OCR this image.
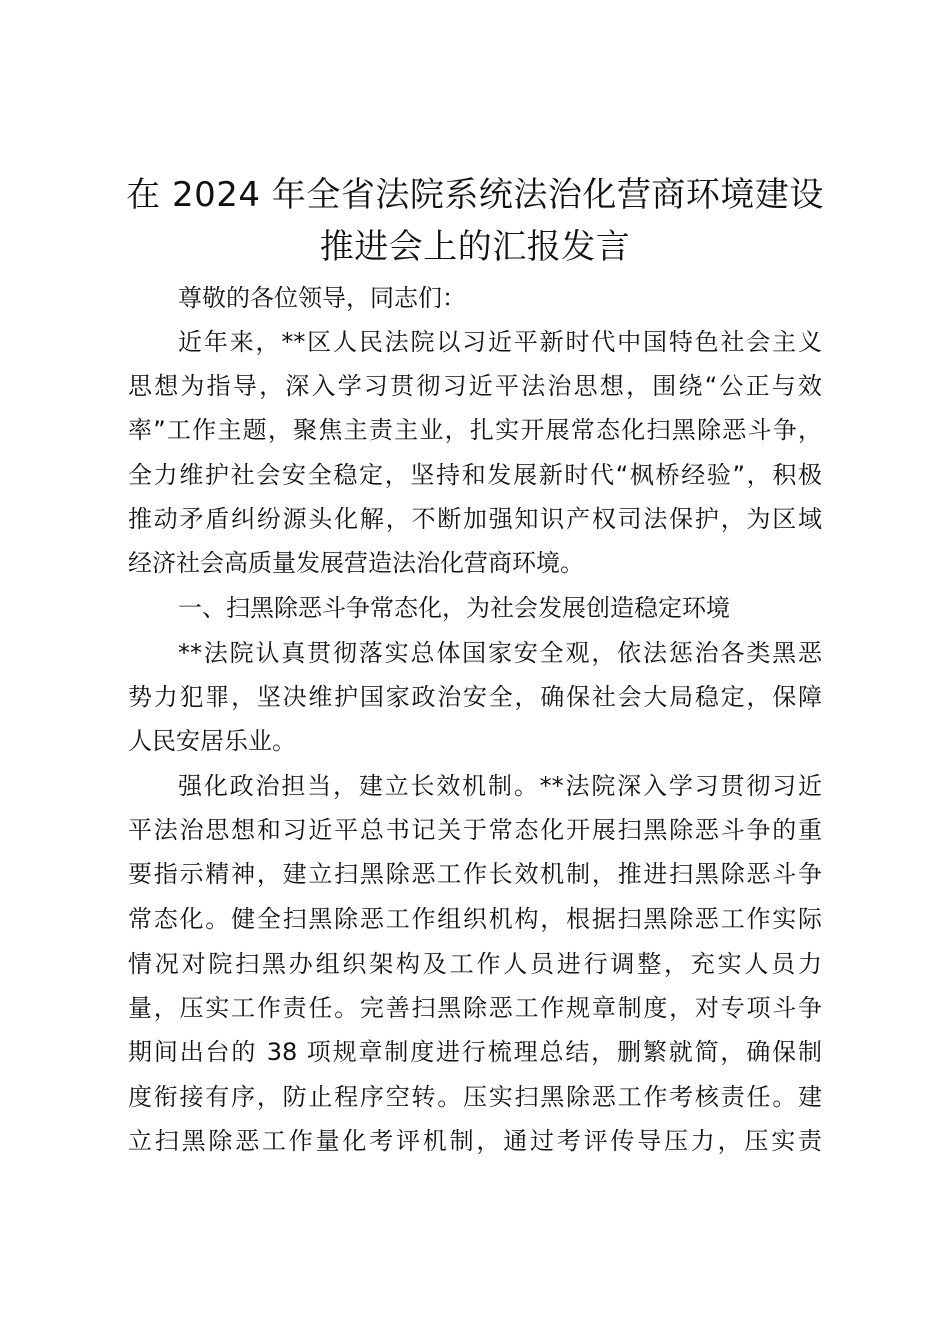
在 2024 年全省法院系统法治化营商环境建设
推进会上的汇报发言
尊敬的各位领导，同志们：
近年来，**区人民法院以习近平新时代中国特色社会主义
思想为指导，深入学习贯彻习近平法治思想，围绕“公正与效
率”工作主题，聚焦主责主业，扎实开展常态化扫黑除恶斗争，
全力维护社会安全稳定，坚持和发展新时代“枫桥经验”，积极
推动矛盾纠纷源头化解，不断加强知识产权司法保护，为区域
经济社会高质量发展营造法治化营商环境。
一、扫黑除恶斗争常态化，为社会发展创造稳定环境
**法院认真贯彻落实总体国家安全观，依法惩治各类黑恶
势力犯罪，坚决维护国家政治安全，确保社会大局稳定，保障
人民安居乐业。
强化政治担当，建立长效机制。**法院深入学习贯彻习近
平法治思想和习近平总书记关于常态化开展扫黑除恶斗争的重
要指示精神，建立扫黑除恶工作长效机制，推进扫黑除恶斗争
常态化。健全扫黑除恶工作组织机构，根据扫黑除恶工作实际
情况对院扫黑办组织架构及工作人员进行调整，充实人员力
量，压实工作责任。完善扫黑除恶工作规章制度，对专项斗争
期间出台的 38 项规章制度进行梳理总结，删繁就简，确保制
度衔接有序，防止程序空转。压实扫黑除恶工作考核责任。建
立扫黑除恶工作量化考评机制，通过考评传导压力，压实责
